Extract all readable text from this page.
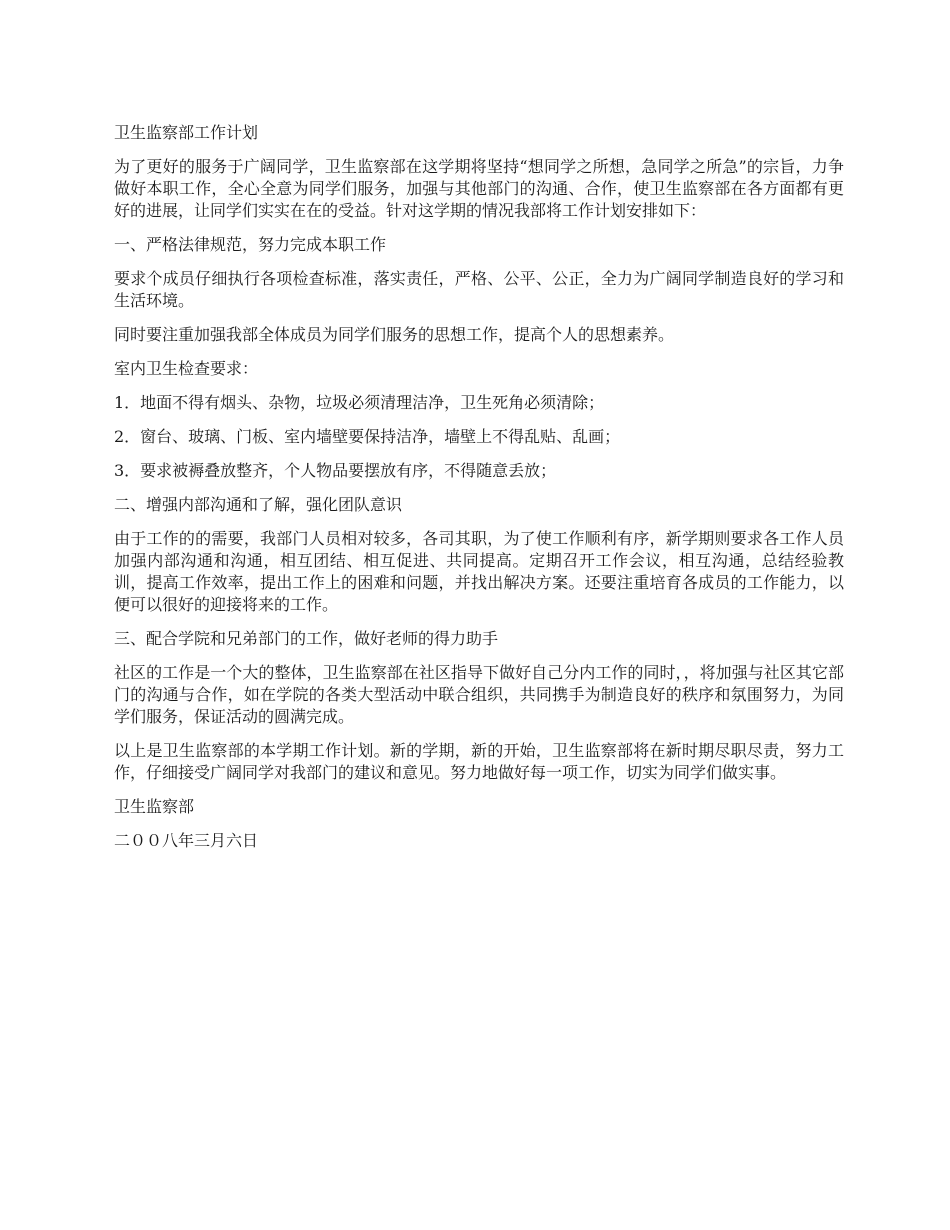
卫生监察部工作计划

为了更好的服务于广阔同学，卫生监察部在这学期将坚持“想同学之所想，急同学之所急”的宗旨，力争做好本职工作，全心全意为同学们服务，加强与其他部门的沟通、合作，使卫生监察部在各方面都有更好的进展，让同学们实实在在的受益。针对这学期的情况我部将工作计划安排如下：

一、严格法律规范，努力完成本职工作

要求个成员仔细执行各项检查标准，落实责任，严格、公平、公正，全力为广阔同学制造良好的学习和生活环境。

同时要注重加强我部全体成员为同学们服务的思想工作，提高个人的思想素养。

室内卫生检查要求：

1．地面不得有烟头、杂物，垃圾必须清理洁净，卫生死角必须清除；

2．窗台、玻璃、门板、室内墙壁要保持洁净，墙壁上不得乱贴、乱画；

3．要求被褥叠放整齐，个人物品要摆放有序，不得随意丢放；

二、增强内部沟通和了解，强化团队意识

由于工作的的需要，我部门人员相对较多，各司其职，为了使工作顺利有序，新学期则要求各工作人员加强内部沟通和沟通，相互团结、相互促进、共同提高。定期召开工作会议，相互沟通，总结经验教训，提高工作效率，提出工作上的困难和问题，并找出解决方案。还要注重培育各成员的工作能力，以便可以很好的迎接将来的工作。

三、配合学院和兄弟部门的工作，做好老师的得力助手

社区的工作是一个大的整体，卫生监察部在社区指导下做好自己分内工作的同时，，将加强与社区其它部门的沟通与合作，如在学院的各类大型活动中联合组织，共同携手为制造良好的秩序和氛围努力，为同学们服务，保证活动的圆满完成。

以上是卫生监察部的本学期工作计划。新的学期，新的开始，卫生监察部将在新时期尽职尽责，努力工作，仔细接受广阔同学对我部门的建议和意见。努力地做好每一项工作，切实为同学们做实事。

卫生监察部

二００八年三月六日
